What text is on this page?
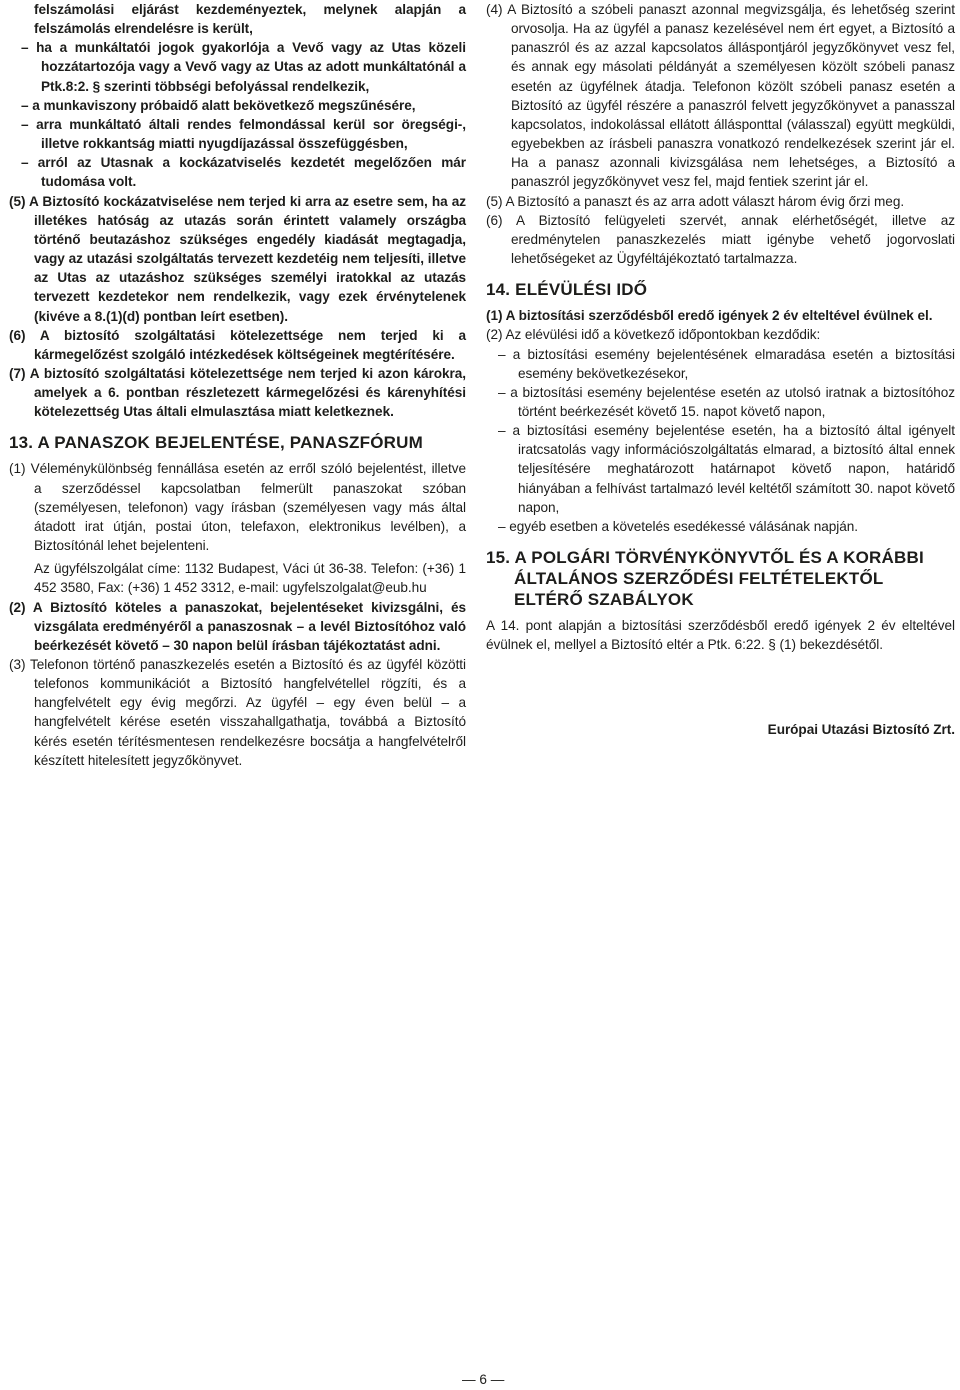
felszámolási eljárást kezdeményeztek, melynek alapján a felszámolás elrendelésre is került,

– ha a munkáltatói jogok gyakorlója a Vevő vagy az Utas közeli hozzátartozója vagy a Vevő vagy az Utas az adott munkáltatónál a Ptk.8:2. § szerinti többségi befolyással rendelkezik,

– a munkaviszony próbaidő alatt bekövetkező megszűnésére,

– arra munkáltató általi rendes felmondással kerül sor öregségi-, illetve rokkantság miatti nyugdíjazással összefüggésben,

– arról az Utasnak a kockázatviselés kezdetét megelőzően már tudomása volt.

(5) A Biztosító kockázatviselése nem terjed ki arra az esetre sem, ha az illetékes hatóság az utazás során érintett valamely országba történő beutazáshoz szükséges engedély kiadását megtagadja, vagy az utazási szolgáltatás tervezett kezdetéig nem teljesíti, illetve az Utas az utazáshoz szükséges személyi iratokkal az utazás tervezett kezdetekor nem rendelkezik, vagy ezek érvénytelenek (kivéve a 8.(1)(d) pontban leírt esetben).

(6) A biztosító szolgáltatási kötelezettsége nem terjed ki a kármegelőzést szolgáló intézkedések költségeinek megtérítésére.

(7) A biztosító szolgáltatási kötelezettsége nem terjed ki azon károkra, amelyek a 6. pontban részletezett kármegelőzési és kárenyhítési kötelezettség Utas általi elmulasztása miatt keletkeznek.

13. A PANASZOK BEJELENTÉSE, PANASZFÓRUM

(1) Véleménykülönbség fennállása esetén az erről szóló bejelentést, illetve a szerződéssel kapcsolatban felmerült panaszokat szóban (személyesen, telefonon) vagy írásban (személyesen vagy más által átadott irat útján, postai úton, telefaxon, elektronikus levélben), a Biztosítónál lehet bejelenteni.

Az ügyfélszolgálat címe: 1132 Budapest, Váci út 36-38. Telefon: (+36) 1 452 3580, Fax: (+36) 1 452 3312, e-mail: ugyfelszolgalat@eub.hu

(2) A Biztosító köteles a panaszokat, bejelentéseket kivizsgálni, és vizsgálata eredményéről a panaszosnak – a levél Biztosítóhoz való beérkezését követő – 30 napon belül írásban tájékoztatást adni.

(3) Telefonon történő panaszkezelés esetén a Biztosító és az ügyfél közötti telefonos kommunikációt a Biztosító hangfelvétellel rögzíti, és a hangfelvételt egy évig megőrzi. Az ügyfél – egy éven belül – a hangfelvételt kérése esetén visszahallgathatja, továbbá a Biztosító kérés esetén térítésmentesen rendelkezésre bocsátja a hangfelvételről készített hitelesített jegyzőkönyvet.

(4) A Biztosító a szóbeli panaszt azonnal megvizsgálja, és lehetőség szerint orvosolja. Ha az ügyfél a panasz kezelésével nem ért egyet, a Biztosító a panaszról és az azzal kapcsolatos álláspontjáról jegyzőkönyvet vesz fel, és annak egy másolati példányát a személyesen közölt szóbeli panasz esetén az ügyfélnek átadja. Telefonon közölt szóbeli panasz esetén a Biztosító az ügyfél részére a panaszról felvett jegyzőkönyvet a panasszal kapcsolatos, indokolással ellátott állásponttal (válasszal) együtt megküldi, egyebekben az írásbeli panaszra vonatkozó rendelkezések szerint jár el. Ha a panasz azonnali kivizsgálása nem lehetséges, a Biztosító a panaszról jegyzőkönyvet vesz fel, majd fentiek szerint jár el.

(5) A Biztosító a panaszt és az arra adott választ három évig őrzi meg.

(6) A Biztosító felügyeleti szervét, annak elérhetőségét, illetve az eredménytelen panaszkezelés miatt igénybe vehető jogorvoslati lehetőségeket az Ügyféltájékoztató tartalmazza.

14. ELÉVÜLÉSI IDŐ

(1) A biztosítási szerződésből eredő igények 2 év elteltével évülnek el.

(2) Az elévülési idő a következő időpontokban kezdődik:

– a biztosítási esemény bejelentésének elmaradása esetén a biztosítási esemény bekövetkezésekor,

– a biztosítási esemény bejelentése esetén az utolsó iratnak a biztosítóhoz történt beérkezését követő 15. napot követő napon,

– a biztosítási esemény bejelentése esetén, ha a biztosító által igényelt iratcsatolás vagy információszolgáltatás elmarad, a biztosító által ennek teljesítésére meghatározott határnapot követő napon, határidő hiányában a felhívást tartalmazó levél keltétől számított 30. napot követő napon,

– egyéb esetben a követelés esedékessé válásának napján.

15. A POLGÁRI TÖRVÉNYKÖNYVTŐL ÉS A KORÁBBI ÁLTALÁNOS SZERZŐDÉSI FELTÉTELEKTŐL ELTÉRŐ SZABÁLYOK

A 14. pont alapján a biztosítási szerződésből eredő igények 2 év elteltével évülnek el, mellyel a Biztosító eltér a Ptk. 6:22. § (1) bekezdésétől.

Európai Utazási Biztosító Zrt.

— 6 —
